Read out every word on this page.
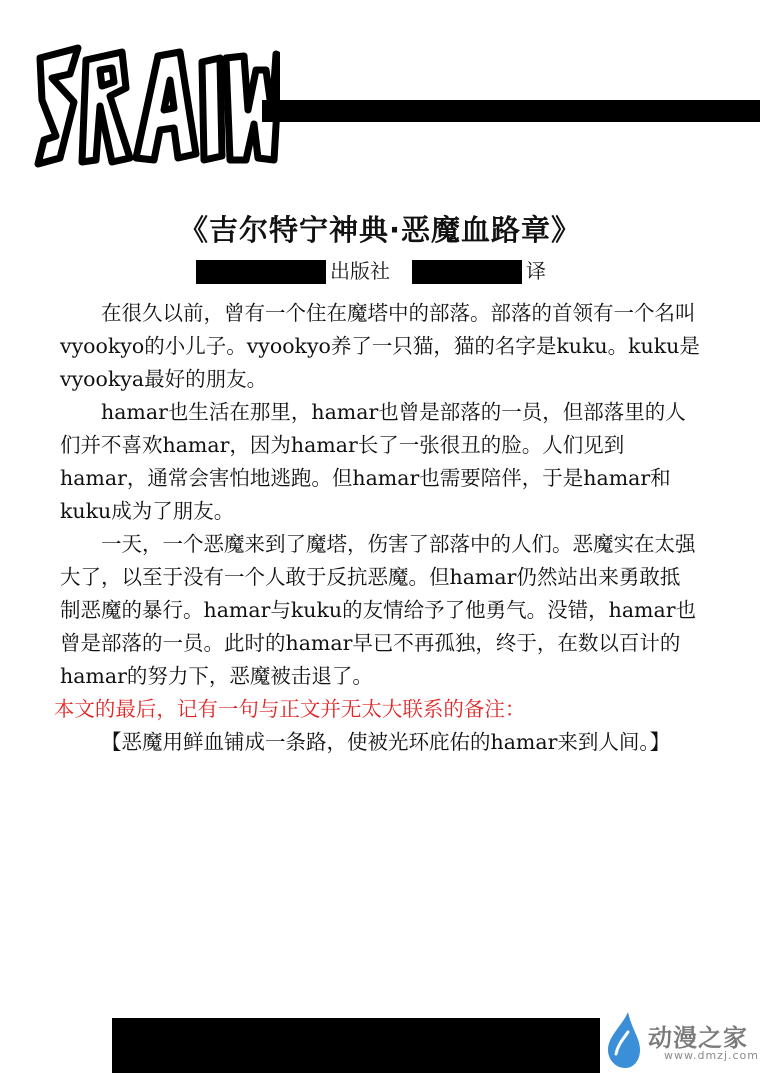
《吉尔特宁神典·恶魔血路章》
出版社	译

在很久以前，曾有一个住在魔塔中的部落。部落的首领有一个名叫vyookyo的小儿子。vyookyo养了一只猫，猫的名字是kuku。kuku是vyookya最好的朋友。

hamar也生活在那里，hamar也曾是部落的一员，但部落里的人们并不喜欢hamar，因为hamar长了一张很丑的脸。人们见到hamar，通常会害怕地逃跑。但hamar也需要陪伴，于是hamar和kuku成为了朋友。

一天，一个恶魔来到了魔塔，伤害了部落中的人们。恶魔实在太强大了，以至于没有一个人敢于反抗恶魔。但hamar仍然站出来勇敢抵制恶魔的暴行。hamar与kuku的友情给予了他勇气。没错，hamar也曾是部落的一员。此时的hamar早已不再孤独，终于，在数以百计的hamar的努力下，恶魔被击退了。

本文的最后，记有一句与正文并无太大联系的备注：

【恶魔用鲜血铺成一条路，使被光环庇佑的hamar来到人间。】

动漫之家
www.dmzj.com
